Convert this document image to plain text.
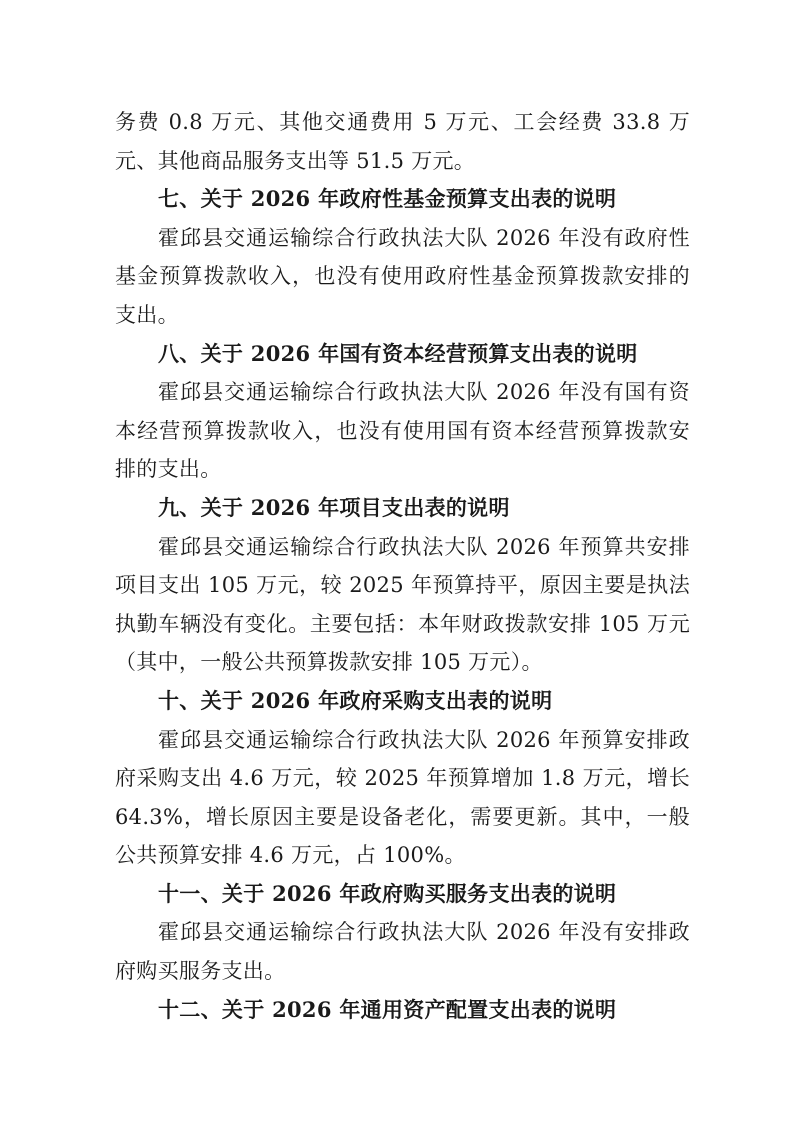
务费 0.8 万元、其他交通费用 5 万元、工会经费 33.8 万元、其他商品服务支出等 51.5 万元。

七、关于 2026 年政府性基金预算支出表的说明

霍邱县交通运输综合行政执法大队 2026 年没有政府性基金预算拨款收入，也没有使用政府性基金预算拨款安排的支出。

八、关于 2026 年国有资本经营预算支出表的说明

霍邱县交通运输综合行政执法大队 2026 年没有国有资本经营预算拨款收入，也没有使用国有资本经营预算拨款安排的支出。

九、关于 2026 年项目支出表的说明

霍邱县交通运输综合行政执法大队 2026 年预算共安排项目支出 105 万元，较 2025 年预算持平，原因主要是执法执勤车辆没有变化。主要包括：本年财政拨款安排 105 万元（其中，一般公共预算拨款安排 105 万元）。

十、关于 2026 年政府采购支出表的说明

霍邱县交通运输综合行政执法大队 2026 年预算安排政府采购支出 4.6 万元，较 2025 年预算增加 1.8 万元，增长 64.3%，增长原因主要是设备老化，需要更新。其中，一般公共预算安排 4.6 万元，占 100%。

十一、关于 2026 年政府购买服务支出表的说明

霍邱县交通运输综合行政执法大队 2026 年没有安排政府购买服务支出。

十二、关于 2026 年通用资产配置支出表的说明
